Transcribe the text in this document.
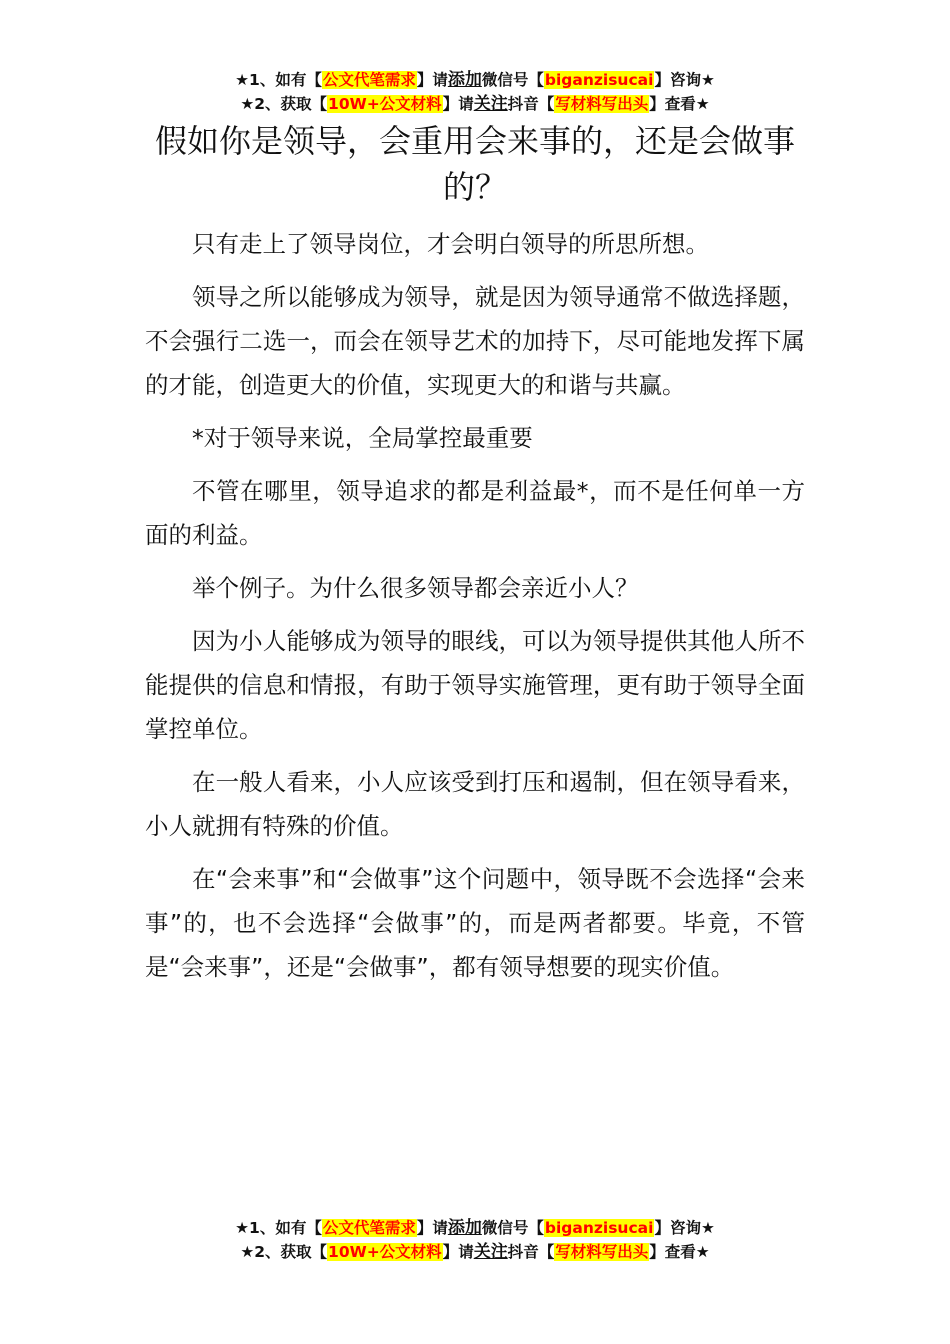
★1、如有【公文代笔需求】请添加微信号【biganzisucai】咨询★
★2、获取【10W+公文材料】请关注抖音【写材料写出头】查看★
假如你是领导，会重用会来事的，还是会做事的？

只有走上了领导岗位，才会明白领导的所思所想。

领导之所以能够成为领导，就是因为领导通常不做选择题，不会强行二选一，而会在领导艺术的加持下，尽可能地发挥下属的才能，创造更大的价值，实现更大的和谐与共赢。

*对于领导来说，全局掌控最重要

不管在哪里，领导追求的都是利益最*，而不是任何单一方面的利益。

举个例子。为什么很多领导都会亲近小人？

因为小人能够成为领导的眼线，可以为领导提供其他人所不能提供的信息和情报，有助于领导实施管理，更有助于领导全面掌控单位。

在一般人看来，小人应该受到打压和遏制，但在领导看来，小人就拥有特殊的价值。

在“会来事”和“会做事”这个问题中，领导既不会选择“会来事”的，也不会选择“会做事”的，而是两者都要。毕竟，不管是“会来事”，还是“会做事”，都有领导想要的现实价值。

★1、如有【公文代笔需求】请添加微信号【biganzisucai】咨询★
★2、获取【10W+公文材料】请关注抖音【写材料写出头】查看★
